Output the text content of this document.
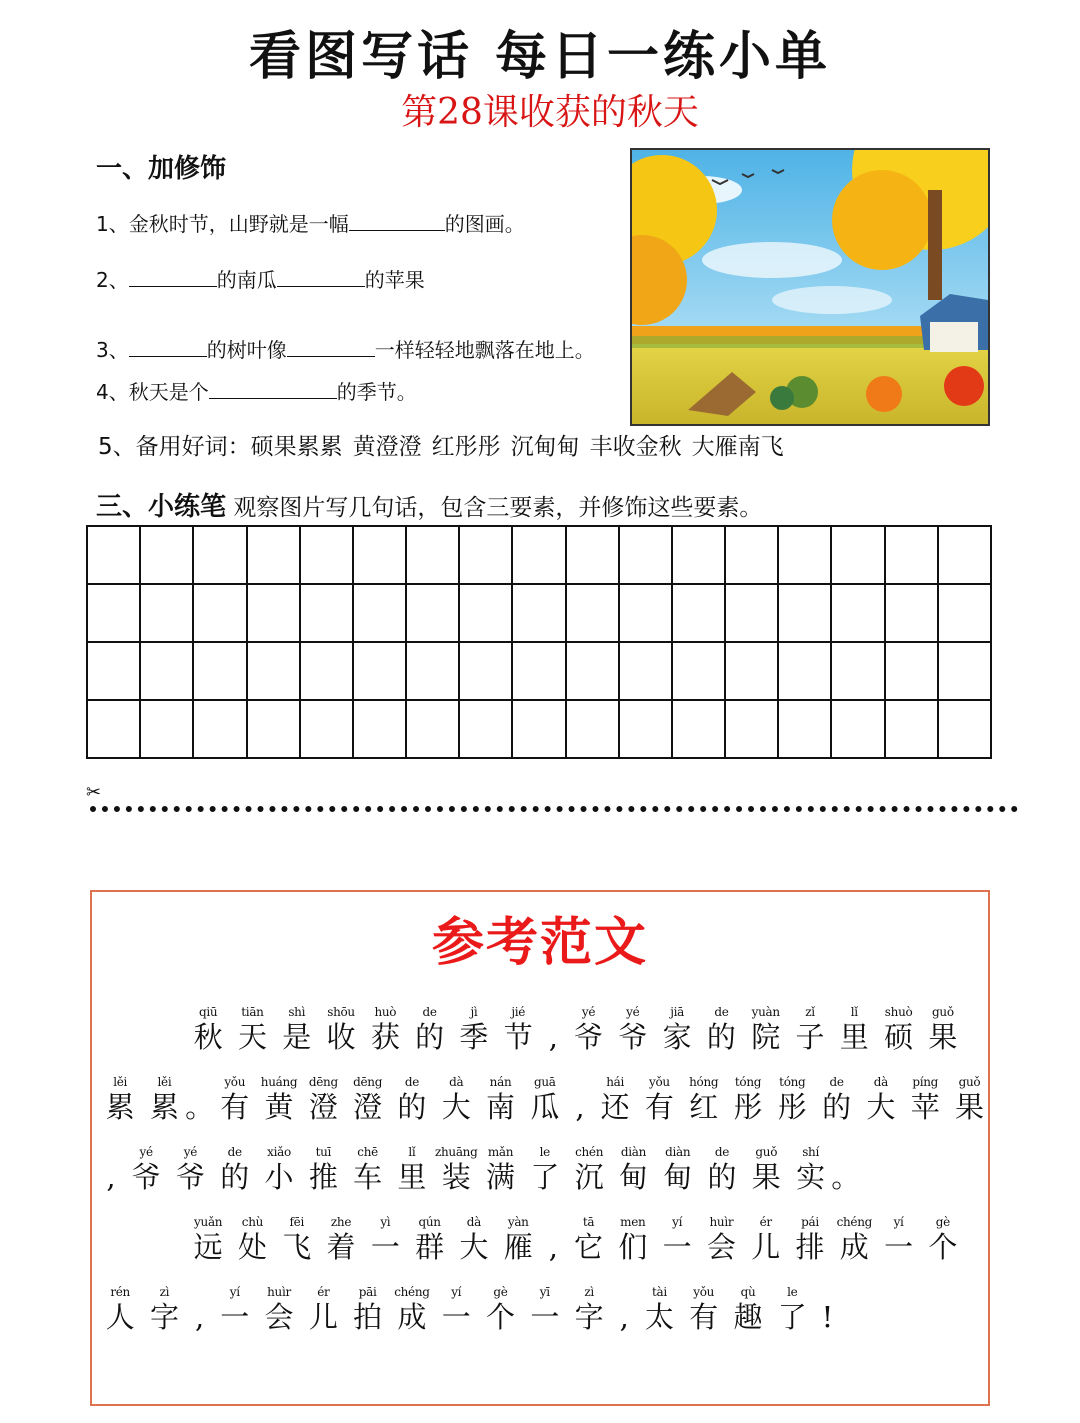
看图写话 每日一练小单
第28课收获的秋天
一、加修饰
1、金秋时节，山野就是一幅	的图画。
2、	的南瓜	的苹果
3、	的树叶像	一样轻轻地飘落在地上。
4、秋天是个	的季节。
5、备用好词：硕果累累 黄澄澄 红彤彤 沉甸甸 丰收金秋 大雁南飞
三、小练笔 观察图片写几句话，包含三要素，并修饰这些要素。
✂
参考范文
qiū
秋
tiān
天
shì
是
shōu
收
huò
获
de
的
jì
季
jié
节 ,
yé
爷
yé
爷
jiā
家
de
的
yuàn
院
zǐ
子
lǐ
里
shuò
硕
guǒ
果
lěi
累
lěi
累 。
yǒu
有
huáng
黄
dēng
澄
dēng
澄
de
的
dà
大
nán
南
guā
瓜 ,
hái
还
yǒu
有
hóng
红
tóng
彤
tóng
彤
de
的
dà
大
píng
苹
guǒ
果
,
yé
爷
yé
爷
de
的
xiǎo
小
tuī
推
chē
车
lǐ
里
zhuāng
装
mǎn
满
le
了
chén
沉
diàn
甸
diàn
甸
de
的
guǒ
果
shí
实 。
yuǎn
远
chù
处
fēi
飞
zhe
着
yì
一
qún
群
dà
大
yàn
雁 ,
tā
它
men
们
yí
一
huìr
会
ér
儿
pái
排
chéng
成
yí
一
gè
个
rén
人
zì
字 ,
yí
一
huìr
会
ér
儿
pāi
拍
chéng
成
yí
一
gè
个
yī
一
zì
字 ,
tài
太
yǒu
有
qù
趣
le
了 !
